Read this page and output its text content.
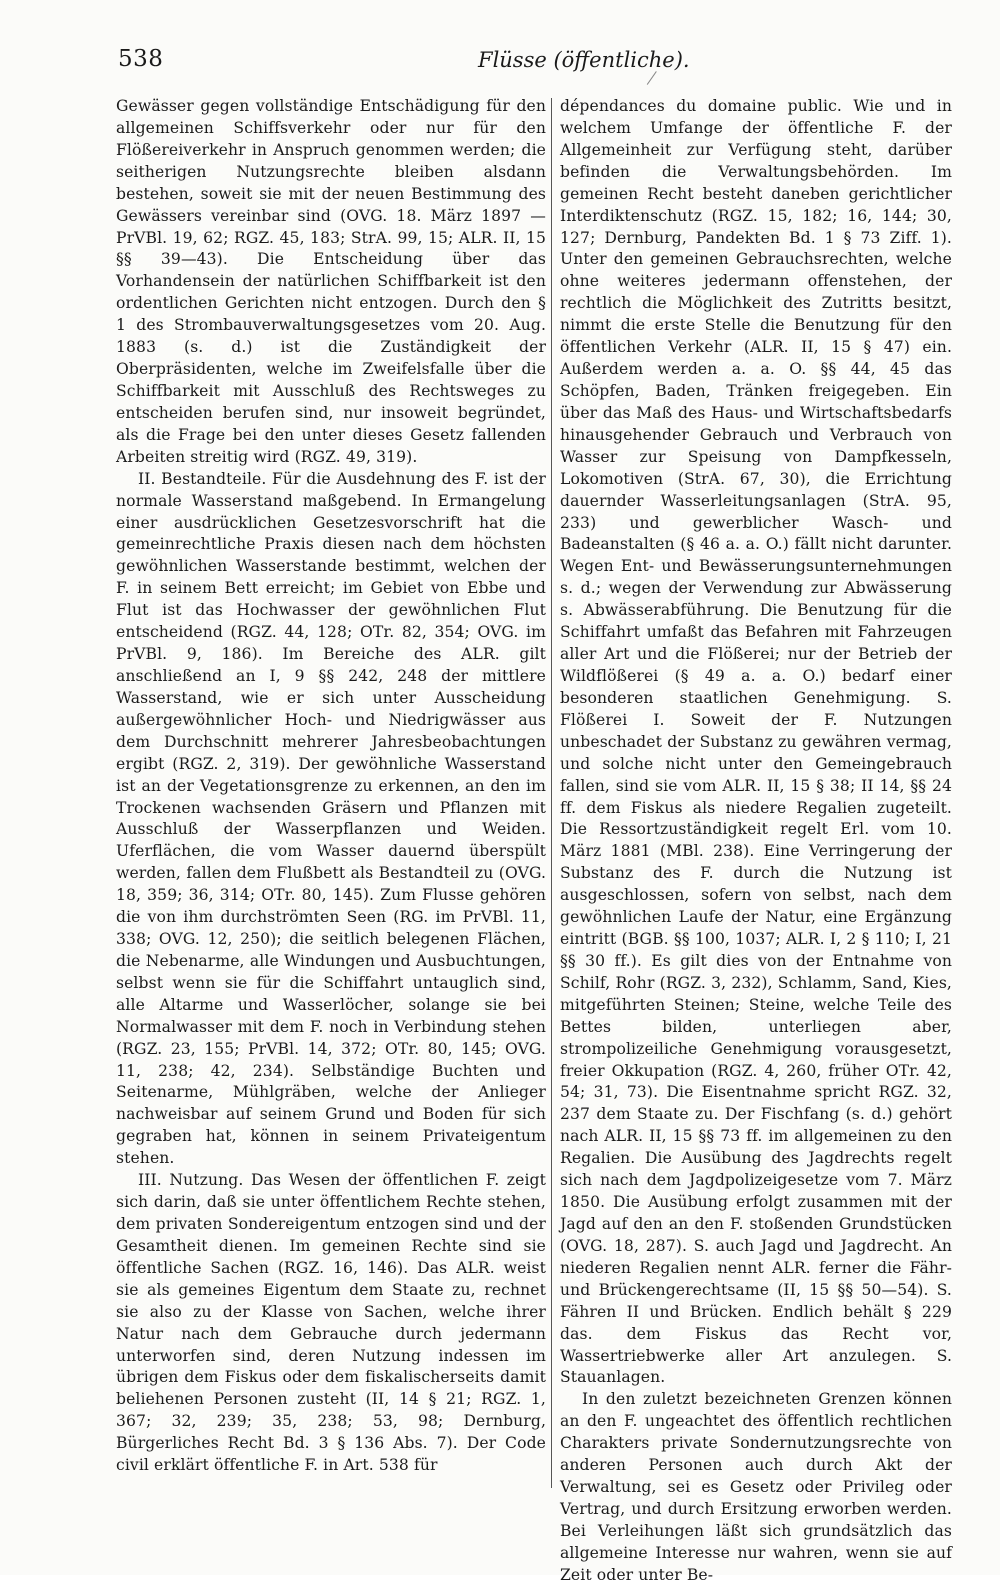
538	Flüsse (öffentliche).

Gewässer gegen vollständige Entschädigung für den allgemeinen Schiffsverkehr oder nur für den Flößereiverkehr in Anspruch genommen werden; die seitherigen Nutzungsrechte bleiben alsdann bestehen, soweit sie mit der neuen Bestimmung des Gewässers vereinbar sind (OVG. 18. März 1897 — PrVBl. 19, 62; RGZ. 45, 183; StrA. 99, 15; ALR. II, 15 §§ 39—43). Die Entscheidung über das Vorhandensein der natürlichen Schiffbarkeit ist den ordentlichen Gerichten nicht entzogen. Durch den § 1 des Strombauverwaltungsgesetzes vom 20. Aug. 1883 (s. d.) ist die Zuständigkeit der Oberpräsidenten, welche im Zweifelsfalle über die Schiffbarkeit mit Ausschluß des Rechtsweges zu entscheiden berufen sind, nur insoweit begründet, als die Frage bei den unter dieses Gesetz fallenden Arbeiten streitig wird (RGZ. 49, 319).

II. Bestandteile. Für die Ausdehnung des F. ist der normale Wasserstand maßgebend. In Ermangelung einer ausdrücklichen Gesetzesvorschrift hat die gemeinrechtliche Praxis diesen nach dem höchsten gewöhnlichen Wasserstande bestimmt, welchen der F. in seinem Bett erreicht; im Gebiet von Ebbe und Flut ist das Hochwasser der gewöhnlichen Flut entscheidend (RGZ. 44, 128; OTr. 82, 354; OVG. im PrVBl. 9, 186). Im Bereiche des ALR. gilt anschließend an I, 9 §§ 242, 248 der mittlere Wasserstand, wie er sich unter Ausscheidung außergewöhnlicher Hoch- und Niedrigwässer aus dem Durchschnitt mehrerer Jahresbeobachtungen ergibt (RGZ. 2, 319). Der gewöhnliche Wasserstand ist an der Vegetationsgrenze zu erkennen, an den im Trockenen wachsenden Gräsern und Pflanzen mit Ausschluß der Wasserpflanzen und Weiden. Uferflächen, die vom Wasser dauernd überspült werden, fallen dem Flußbett als Bestandteil zu (OVG. 18, 359; 36, 314; OTr. 80, 145). Zum Flusse gehören die von ihm durchströmten Seen (RG. im PrVBl. 11, 338; OVG. 12, 250); die seitlich belegenen Flächen, die Nebenarme, alle Windungen und Ausbuchtungen, selbst wenn sie für die Schiffahrt untauglich sind, alle Altarme und Wasserlöcher, solange sie bei Normalwasser mit dem F. noch in Verbindung stehen (RGZ. 23, 155; PrVBl. 14, 372; OTr. 80, 145; OVG. 11, 238; 42, 234). Selbständige Buchten und Seitenarme, Mühlgräben, welche der Anlieger nachweisbar auf seinem Grund und Boden für sich gegraben hat, können in seinem Privateigentum stehen.

III. Nutzung. Das Wesen der öffentlichen F. zeigt sich darin, daß sie unter öffentlichem Rechte stehen, dem privaten Sondereigentum entzogen sind und der Gesamtheit dienen. Im gemeinen Rechte sind sie öffentliche Sachen (RGZ. 16, 146). Das ALR. weist sie als gemeines Eigentum dem Staate zu, rechnet sie also zu der Klasse von Sachen, welche ihrer Natur nach dem Gebrauche durch jedermann unterworfen sind, deren Nutzung indessen im übrigen dem Fiskus oder dem fiskalischerseits damit beliehenen Personen zusteht (II, 14 § 21; RGZ. 1, 367; 32, 239; 35, 238; 53, 98; Dernburg, Bürgerliches Recht Bd. 3 § 136 Abs. 7). Der Code civil erklärt öffentliche F. in Art. 538 für

dépendances du domaine public. Wie und in welchem Umfange der öffentliche F. der Allgemeinheit zur Verfügung steht, darüber befinden die Verwaltungsbehörden. Im gemeinen Recht besteht daneben gerichtlicher Interdiktenschutz (RGZ. 15, 182; 16, 144; 30, 127; Dernburg, Pandekten Bd. 1 § 73 Ziff. 1). Unter den gemeinen Gebrauchsrechten, welche ohne weiteres jedermann offenstehen, der rechtlich die Möglichkeit des Zutritts besitzt, nimmt die erste Stelle die Benutzung für den öffentlichen Verkehr (ALR. II, 15 § 47) ein. Außerdem werden a. a. O. §§ 44, 45 das Schöpfen, Baden, Tränken freigegeben. Ein über das Maß des Haus- und Wirtschaftsbedarfs hinausgehender Gebrauch und Verbrauch von Wasser zur Speisung von Dampfkesseln, Lokomotiven (StrA. 67, 30), die Errichtung dauernder Wasserleitungsanlagen (StrA. 95, 233) und gewerblicher Wasch- und Badeanstalten (§ 46 a. a. O.) fällt nicht darunter. Wegen Ent- und Bewässerungsunternehmungen s. d.; wegen der Verwendung zur Abwässerung s. Abwässerabführung. Die Benutzung für die Schiffahrt umfaßt das Befahren mit Fahrzeugen aller Art und die Flößerei; nur der Betrieb der Wildflößerei (§ 49 a. a. O.) bedarf einer besonderen staatlichen Genehmigung. S. Flößerei I. Soweit der F. Nutzungen unbeschadet der Substanz zu gewähren vermag, und solche nicht unter den Gemeingebrauch fallen, sind sie vom ALR. II, 15 § 38; II 14, §§ 24 ff. dem Fiskus als niedere Regalien zugeteilt. Die Ressortzuständigkeit regelt Erl. vom 10. März 1881 (MBl. 238). Eine Verringerung der Substanz des F. durch die Nutzung ist ausgeschlossen, sofern von selbst, nach dem gewöhnlichen Laufe der Natur, eine Ergänzung eintritt (BGB. §§ 100, 1037; ALR. I, 2 § 110; I, 21 §§ 30 ff.). Es gilt dies von der Entnahme von Schilf, Rohr (RGZ. 3, 232), Schlamm, Sand, Kies, mitgeführten Steinen; Steine, welche Teile des Bettes bilden, unterliegen aber, strompolizeiliche Genehmigung vorausgesetzt, freier Okkupation (RGZ. 4, 260, früher OTr. 42, 54; 31, 73). Die Eisentnahme spricht RGZ. 32, 237 dem Staate zu. Der Fischfang (s. d.) gehört nach ALR. II, 15 §§ 73 ff. im allgemeinen zu den Regalien. Die Ausübung des Jagdrechts regelt sich nach dem Jagdpolizeigesetze vom 7. März 1850. Die Ausübung erfolgt zusammen mit der Jagd auf den an den F. stoßenden Grundstücken (OVG. 18, 287). S. auch Jagd und Jagdrecht. An niederen Regalien nennt ALR. ferner die Fähr- und Brückengerechtsame (II, 15 §§ 50—54). S. Fähren II und Brücken. Endlich behält § 229 das. dem Fiskus das Recht vor, Wassertriebwerke aller Art anzulegen. S. Stauanlagen.

In den zuletzt bezeichneten Grenzen können an den F. ungeachtet des öffentlich rechtlichen Charakters private Sondernutzungsrechte von anderen Personen auch durch Akt der Verwaltung, sei es Gesetz oder Privileg oder Vertrag, und durch Ersitzung erworben werden. Bei Verleihungen läßt sich grundsätzlich das allgemeine Interesse nur wahren, wenn sie auf Zeit oder unter Be-
